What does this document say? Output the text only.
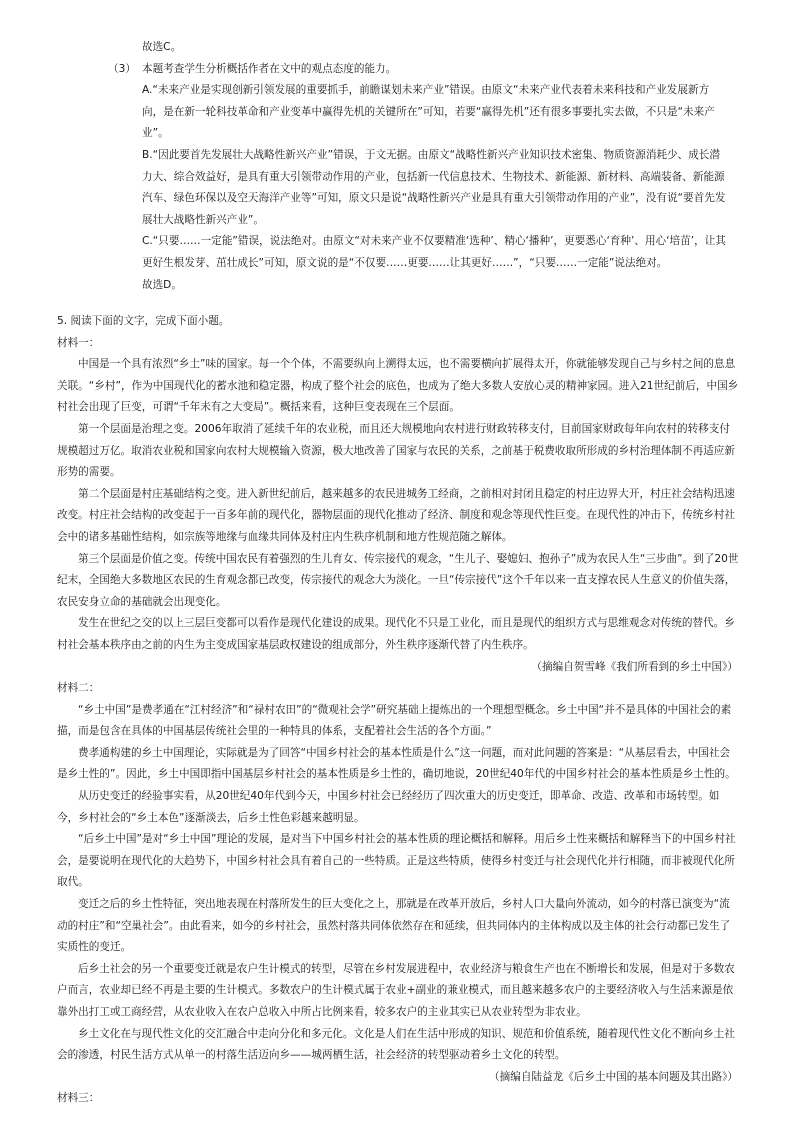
故选C。

（3） 本题考查学生分析概括作者在文中的观点态度的能力。

A.“未来产业是实现创新引领发展的重要抓手，前瞻谋划未来产业”错误。由原文“未来产业代表着未来科技和产业发展新方向，是在新一轮科技革命和产业变革中赢得先机的关键所在”可知，若要“赢得先机”还有很多事要扎实去做，不只是“未来产业”。

B.“因此要首先发展壮大战略性新兴产业”错误，于文无据。由原文“战略性新兴产业知识技术密集、物质资源消耗少、成长潜力大、综合效益好，是具有重大引领带动作用的产业，包括新一代信息技术、生物技术、新能源、新材料、高端装备、新能源汽车、绿色环保以及空天海洋产业等”可知，原文只是说“战略性新兴产业是具有重大引领带动作用的产业”，没有说“要首先发展壮大战略性新兴产业”。

C.“只要……一定能”错误，说法绝对。由原文“对未来产业不仅要精准‘选种’、精心‘播种’，更要悉心‘育种’、用心‘培苗’，让其更好生根发芽、茁壮成长”可知，原文说的是“不仅要……更要……让其更好……”，“只要……一定能”说法绝对。

故选D。

5. 阅读下面的文字，完成下面小题。

材料一：

中国是一个具有浓烈“乡土”味的国家。每一个个体，不需要纵向上溯得太远，也不需要横向扩展得太开，你就能够发现自己与乡村之间的息息关联。“乡村”，作为中国现代化的蓄水池和稳定器，构成了整个社会的底色，也成为了绝大多数人安放心灵的精神家园。进入21世纪前后，中国乡村社会出现了巨变，可谓“千年未有之大变局”。概括来看，这种巨变表现在三个层面。

第一个层面是治理之变。2006年取消了延续千年的农业税，而且还大规模地向农村进行财政转移支付，目前国家财政每年向农村的转移支付规模超过万亿。取消农业税和国家向农村大规模输入资源，极大地改善了国家与农民的关系，之前基于税费收取所形成的乡村治理体制不再适应新形势的需要。

第二个层面是村庄基础结构之变。进入新世纪前后，越来越多的农民进城务工经商，之前相对封闭且稳定的村庄边界大开，村庄社会结构迅速改变。村庄社会结构的改变起于一百多年前的现代化，器物层面的现代化推动了经济、制度和观念等现代性巨变。在现代性的冲击下，传统乡村社会中的诸多基础性结构，如宗族等地缘与血缘共同体及村庄内生秩序机制和地方性规范随之解体。

第三个层面是价值之变。传统中国农民有着强烈的生儿育女、传宗接代的观念，“生儿子、娶媳妇、抱孙子”成为农民人生“三步曲”。到了20世纪末，全国绝大多数地区农民的生育观念都已改变，传宗接代的观念大为淡化。一旦“传宗接代”这个千年以来一直支撑农民人生意义的价值失落，农民安身立命的基础就会出现变化。

发生在世纪之交的以上三层巨变都可以看作是现代化建设的成果。现代化不只是工业化，而且是现代的组织方式与思维观念对传统的替代。乡村社会基本秩序由之前的内生为主变成国家基层政权建设的组成部分，外生秩序逐渐代替了内生秩序。

（摘编自贺雪峰《我们所看到的乡土中国》）

材料二：

“乡土中国”是费孝通在“江村经济”和“禄村农田”的“微观社会学”研究基础上提炼出的一个理想型概念。乡土中国“并不是具体的中国社会的素描，而是包含在具体的中国基层传统社会里的一种特具的体系，支配着社会生活的各个方面。”

费孝通构建的乡土中国理论，实际就是为了回答“中国乡村社会的基本性质是什么”这一问题，而对此问题的答案是：“从基层看去，中国社会是乡土性的”。因此，乡土中国即指中国基层乡村社会的基本性质是乡土性的，确切地说，20世纪40年代的中国乡村社会的基本性质是乡土性的。

从历史变迁的经验事实看，从20世纪40年代到今天，中国乡村社会已经经历了四次重大的历史变迁，即革命、改造、改革和市场转型。如今，乡村社会的“乡土本色”逐渐淡去，后乡土性色彩越来越明显。

“后乡土中国”是对“乡土中国”理论的发展，是对当下中国乡村社会的基本性质的理论概括和解释。用后乡土性来概括和解释当下的中国乡村社会，是要说明在现代化的大趋势下，中国乡村社会具有着自己的一些特质。正是这些特质，使得乡村变迁与社会现代化并行相随，而非被现代化所取代。

变迁之后的乡土性特征，突出地表现在村落所发生的巨大变化之上，那就是在改革开放后，乡村人口大量向外流动，如今的村落已演变为“流动的村庄”和“空巢社会”。由此看来，如今的乡村社会，虽然村落共同体依然存在和延续，但共同体内的主体构成以及主体的社会行动都已发生了实质性的变迁。

后乡土社会的另一个重要变迁就是农户生计模式的转型，尽管在乡村发展进程中，农业经济与粮食生产也在不断增长和发展，但是对于多数农户而言，农业却已经不再是主要的生计模式。多数农户的生计模式属于农业+副业的兼业模式，而且越来越多农户的主要经济收入与生活来源是依靠外出打工或工商经营，从农业收入在农户总收入中所占比例来看，较多农户的主业其实已从农业转型为非农业。

乡土文化在与现代性文化的交汇融合中走向分化和多元化。文化是人们在生活中形成的知识、规范和价值系统，随着现代性文化不断向乡土社会的渗透，村民生活方式从单一的村落生活迈向乡——城两栖生活，社会经济的转型驱动着乡土文化的转型。

（摘编自陆益龙《后乡土中国的基本问题及其出路》）

材料三：
